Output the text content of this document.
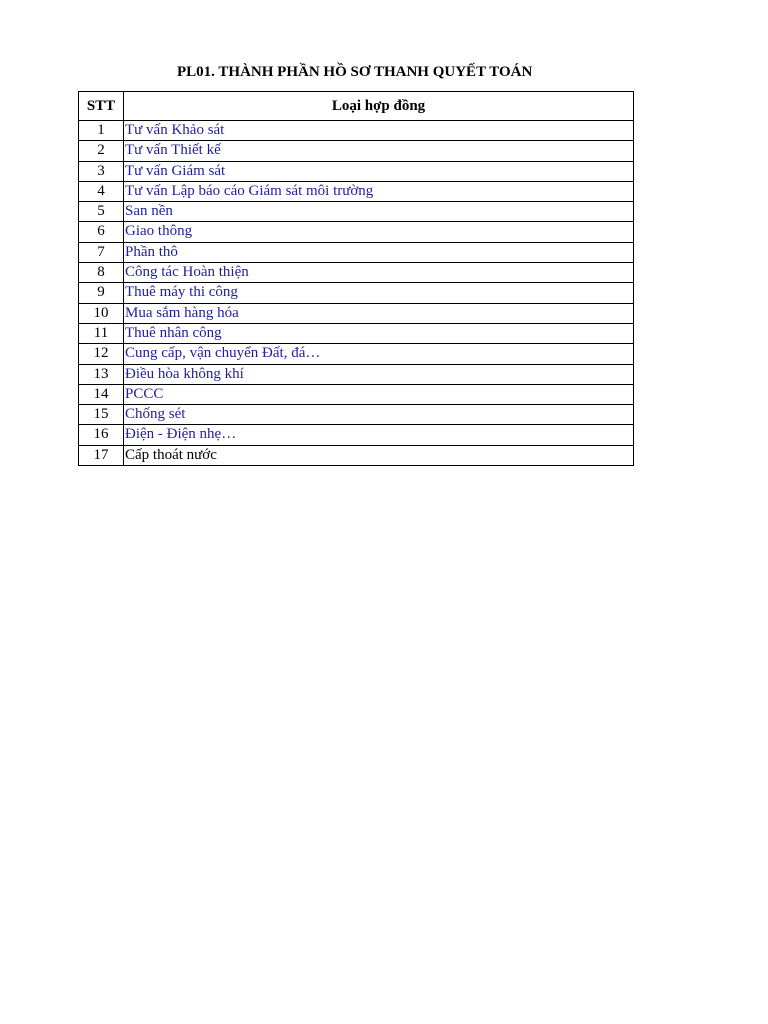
PL01. THÀNH PHẦN HỒ SƠ THANH QUYẾT TOÁN
STT	Loại hợp đồng
1	Tư vấn Khảo sát
2	Tư vấn Thiết kế
3	Tư vấn Giám sát
4	Tư vấn Lập báo cáo Giám sát môi trường
5	San nền
6	Giao thông
7	Phần thô
8	Công tác Hoàn thiện
9	Thuê máy thi công
10	Mua sắm hàng hóa
11	Thuê nhân công
12	Cung cấp, vận chuyển Đất, đá…
13	Điều hòa không khí
14	PCCC
15	Chống sét
16	Điện - Điện nhẹ…
17	Cấp thoát nước
